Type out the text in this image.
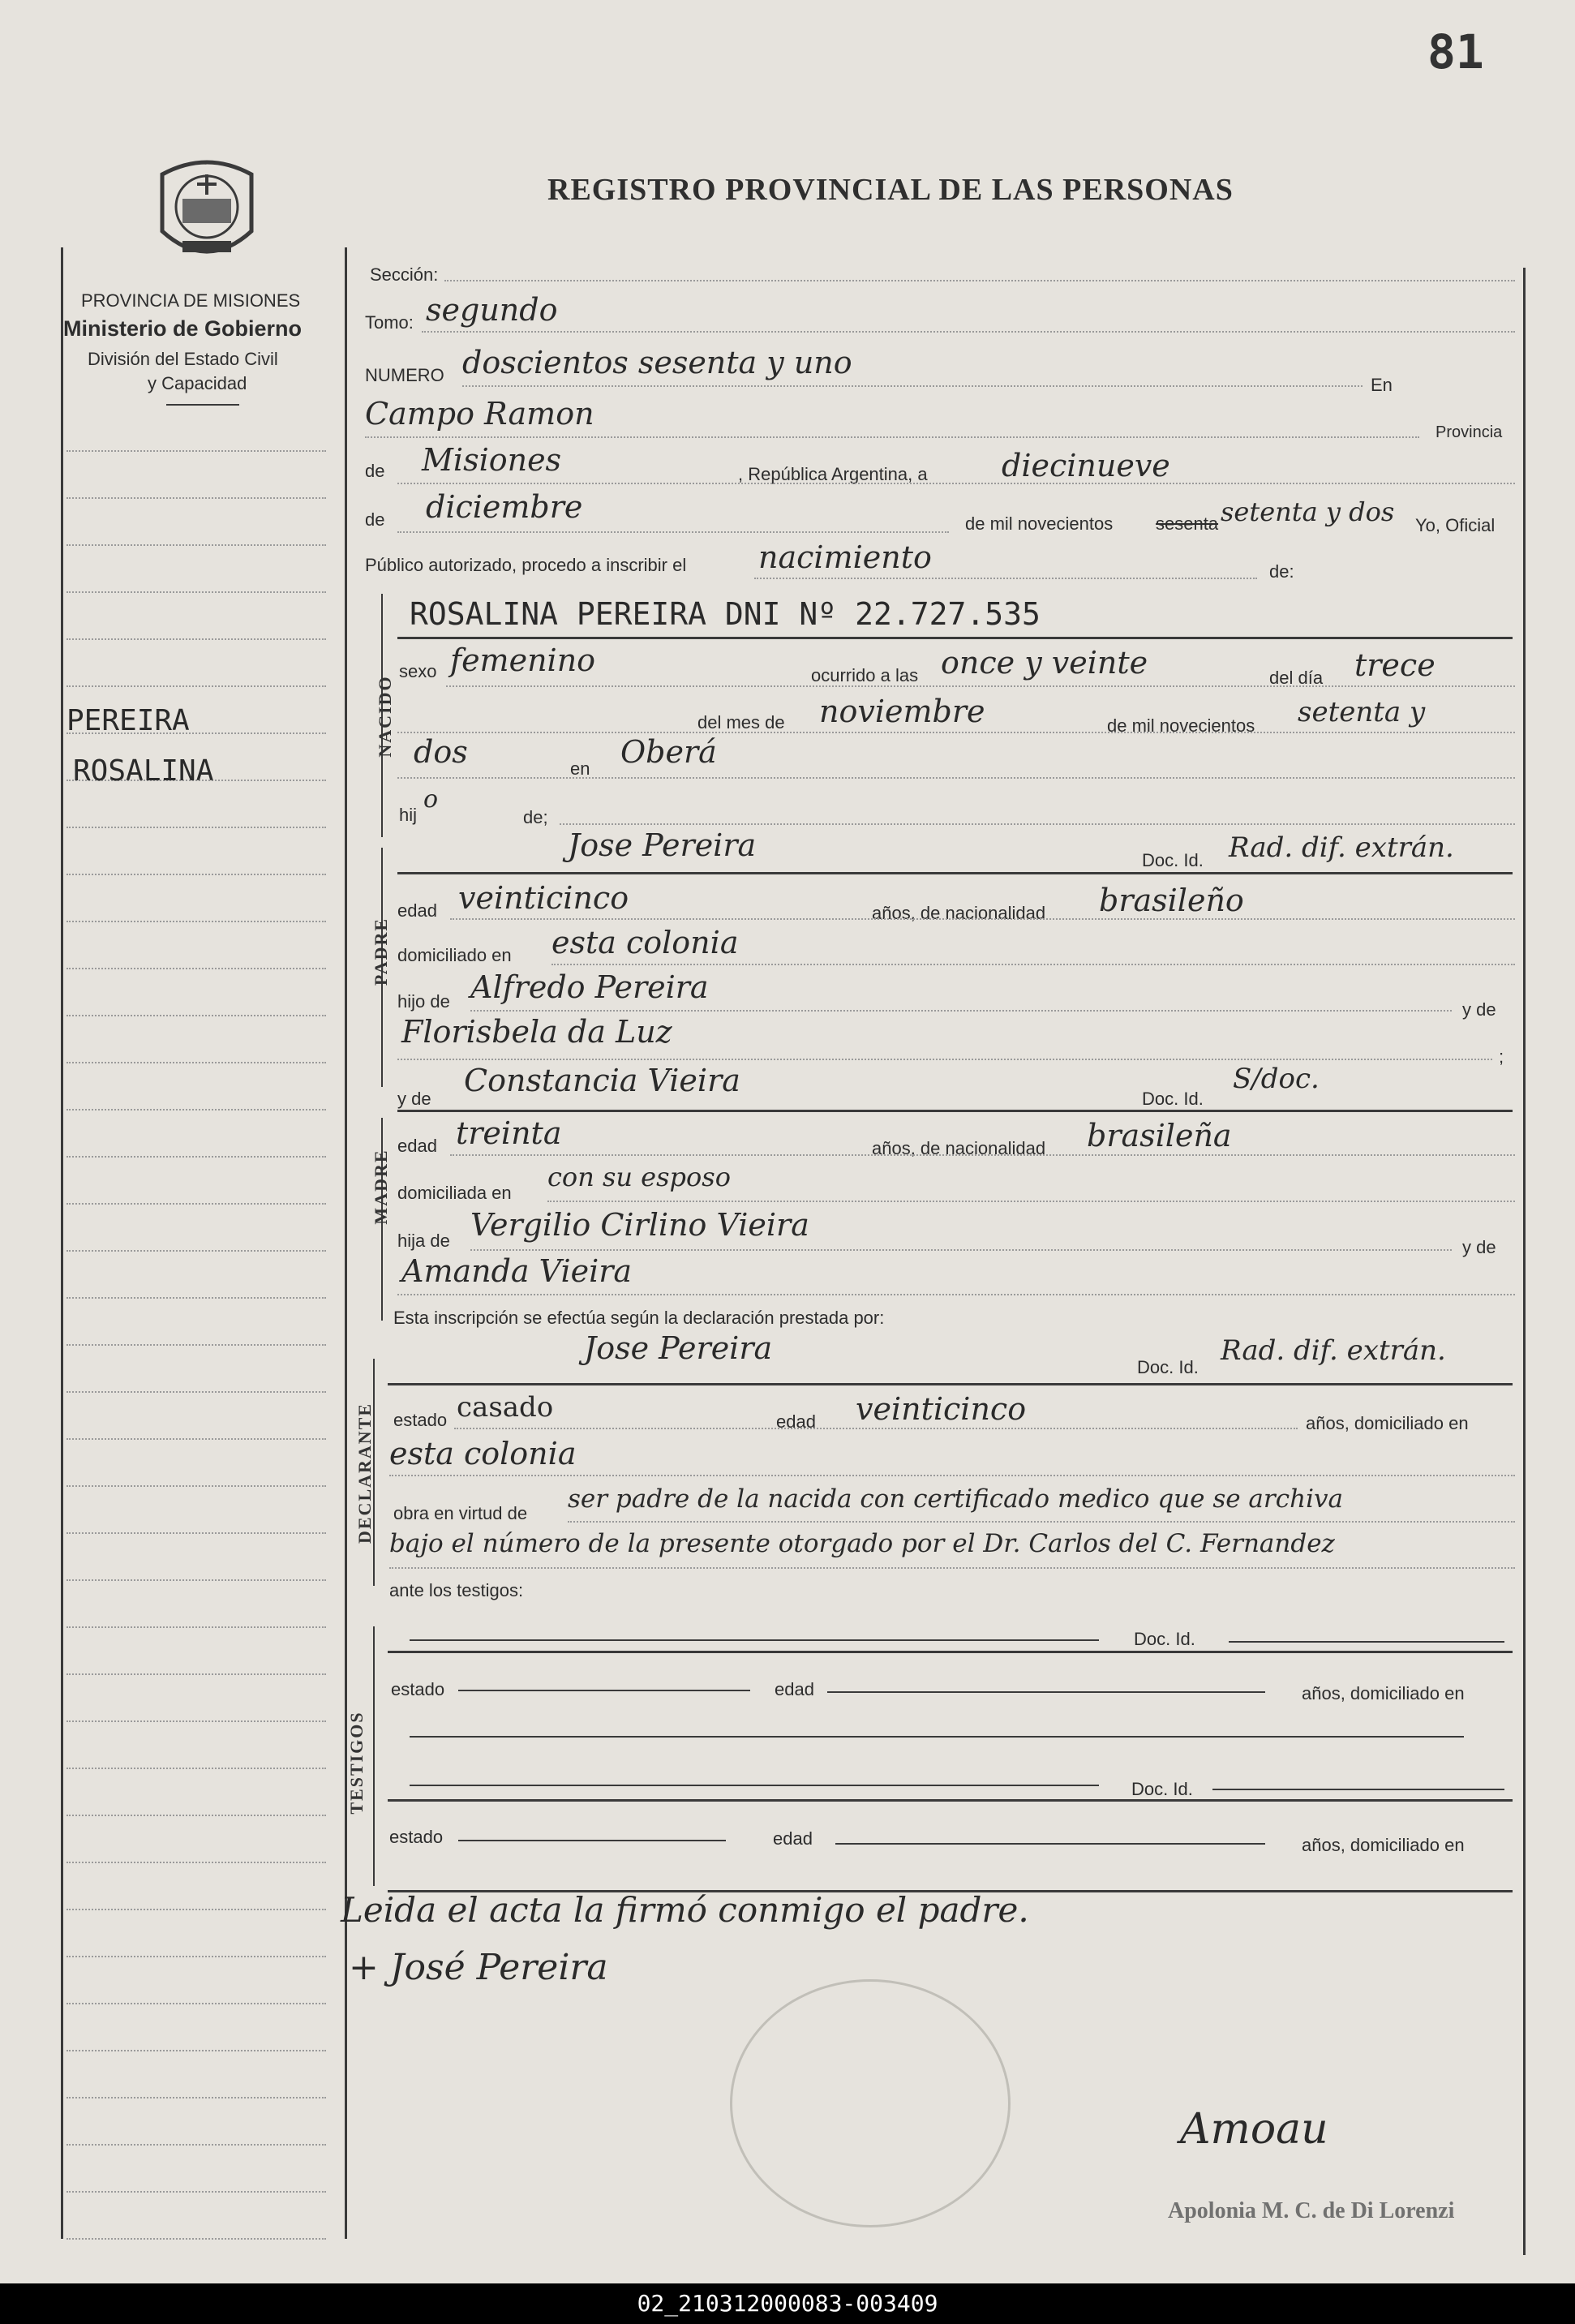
81
REGISTRO PROVINCIAL DE LAS PERSONAS
PROVINCIA DE MISIONES
Ministerio de Gobierno
División del Estado Civil
y Capacidad
PEREIRA
ROSALINA
Sección:
Tomo: segundo
NUMERO doscientos sesenta y uno
En
Campo Ramon
Provincia
de Misiones	, República Argentina, a diecinueve
de diciembre	de mil novecientos sesenta setenta y dos Yo, Oficial
Público autorizado, procedo a inscribir el nacimiento	de:
NACIDO
ROSALINA PEREIRA DNI Nº 22.727.535
sexo femenino	ocurrido a las once y veinte	del día trece
del mes de noviembre	de mil novecientos setenta y
dos	en Oberá
hij
o
de;
PADRE
Jose Pereira	Doc. Id. Rad. dif. extrán.
edad veinticinco	años, de nacionalidad brasileño
domiciliado en esta colonia
hijo de Alfredo Pereira
y de
Florisbela da Luz
;
y de
Constancia Vieira
Doc. Id.
S/doc.
MADRE
edad treinta	años, de nacionalidad brasileña
domiciliada en
con su esposo
hija de Vergilio Cirlino Vieira
y de
Amanda Vieira
Esta inscripción se efectúa según la declaración prestada por:
Jose Pereira
Doc. Id.
Rad. dif. extrán.
DECLARANTE estado casado	edad veinticinco	años, domiciliado en
esta colonia
obra en virtud de ser padre de la nacida con certificado medico que se archiva
bajo el número de la presente otorgado por el Dr. Carlos del C. Fernandez
ante los testigos:
TESTIGOS
Doc. Id.
estado	edad	años, domiciliado en
Doc. Id.
estado	edad	años, domiciliado en
Leida el acta la firmó conmigo el padre.
+ José Pereira
Amoau
Apolonia M. C. de Di Lorenzi
02_210312000083-003409
